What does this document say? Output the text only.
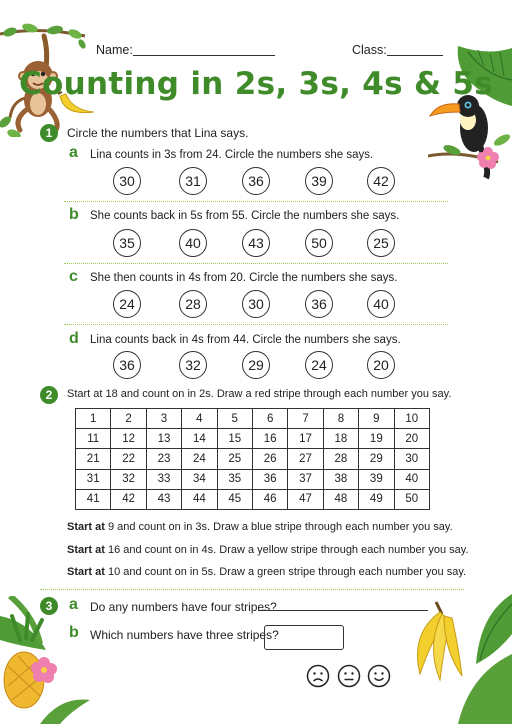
Name:	Class:
Counting in 2s, 3s, 4s & 5s
1	Circle the numbers that Lina says.
a Lina counts in 3s from 24. Circle the numbers she says.
30	31	36	39	42
b She counts back in 5s from 55. Circle the numbers she says.
35	40	43	50	25
c She then counts in 4s from 20. Circle the numbers she says.
24	28	30	36	40
d Lina counts back in 4s from 44. Circle the numbers she says.
36	32	29	24	20
2	Start at 18 and count on in 2s. Draw a red stripe through each number you say.
1	2	3	4	5	6	7	8	9	10
11	12	13	14	15	16	17	18	19	20
21	22	23	24	25	26	27	28	29	30
31	32	33	34	35	36	37	38	39	40
41	42	43	44	45	46	47	48	49	50
Start at 9 and count on in 3s. Draw a blue stripe through each number you say.
Start at 16 and count on in 4s. Draw a yellow stripe through each number you say.
Start at 10 and count on in 5s. Draw a green stripe through each number you say.
3	a Do any numbers have four stripes?
b Which numbers have three stripes?
